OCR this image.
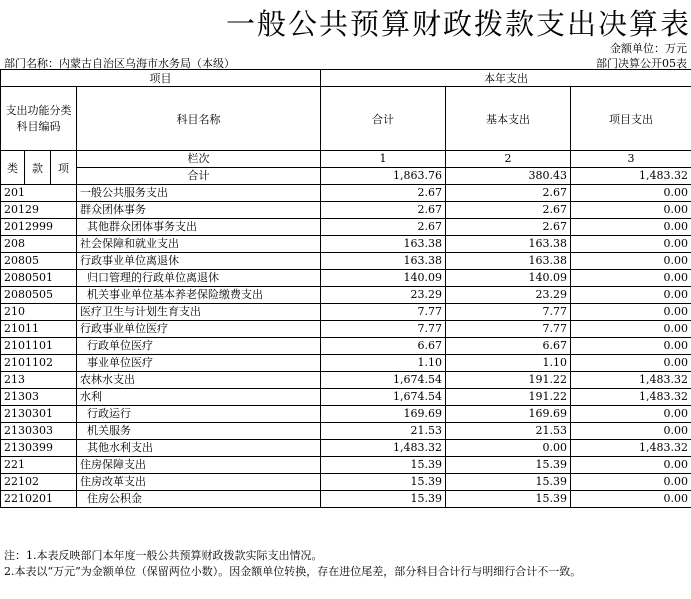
一般公共预算财政拨款支出决算表
金额单位：万元
部门名称：内蒙古自治区乌海市水务局（本级）	部门决算公开05表
项目				本年支出		
支出功能分类科目编码			科目名称	合计	基本支出	项目支出
类	款	项				
			栏次	1	2	3
			合计	1,863.76	380.43	1,483.32
201			一般公共服务支出	2.67	2.67	0.00
20129			群众团体事务	2.67	2.67	0.00
2012999			其他群众团体事务支出	2.67	2.67	0.00
208			社会保障和就业支出	163.38	163.38	0.00
20805			行政事业单位离退休	163.38	163.38	0.00
2080501			归口管理的行政单位离退休	140.09	140.09	0.00
2080505			机关事业单位基本养老保险缴费支出	23.29	23.29	0.00
210			医疗卫生与计划生育支出	7.77	7.77	0.00
21011			行政事业单位医疗	7.77	7.77	0.00
2101101			行政单位医疗	6.67	6.67	0.00
2101102			事业单位医疗	1.10	1.10	0.00
213			农林水支出	1,674.54	191.22	1,483.32
21303			水利	1,674.54	191.22	1,483.32
2130301			行政运行	169.69	169.69	0.00
2130303			机关服务	21.53	21.53	0.00
2130399			其他水利支出	1,483.32	0.00	1,483.32
221			住房保障支出	15.39	15.39	0.00
22102			住房改革支出	15.39	15.39	0.00
2210201			住房公积金	15.39	15.39	0.00
注：1.本表反映部门本年度一般公共预算财政拨款实际支出情况。
2.本表以“万元”为金额单位（保留两位小数）。因金额单位转换，存在进位尾差，部分科目合计行与明细行合计不一致。
